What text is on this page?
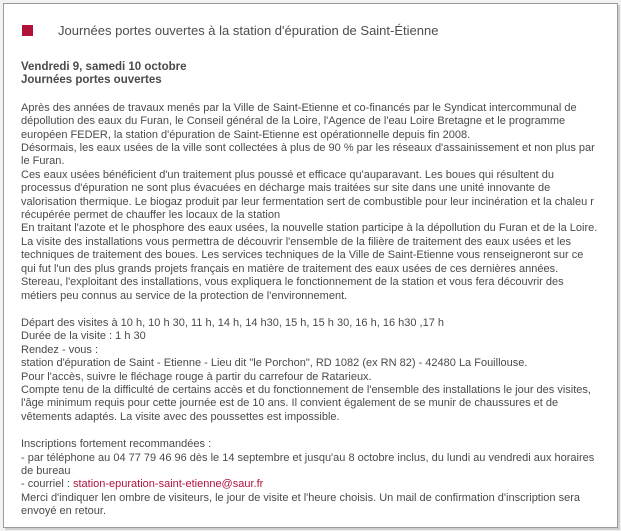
Journées portes ouvertes à la station d'épuration de Saint-Étienne
Vendredi 9, samedi 10 octobre
Journées portes ouvertes
Après des années de travaux menés par la Ville de Saint-Etienne et co-financés par le Syndicat intercommunal de
dépollution des eaux du Furan, le Conseil général de la Loire, l'Agence de l'eau Loire Bretagne et le programme
européen FEDER, la station d'épuration de Saint-Etienne est opérationnelle depuis fin 2008.
Désormais, les eaux usées de la ville sont collectées à plus de 90 % par les réseaux d'assainissement et non plus par
le Furan.
Ces eaux usées bénéficient d'un traitement plus poussé et efficace qu'auparavant. Les boues qui résultent du
processus d'épuration ne sont plus évacuées en décharge mais traitées sur site dans une unité innovante de
valorisation thermique. Le biogaz produit par leur fermentation sert de combustible pour leur incinération et la chaleu r
récupérée permet de chauffer les locaux de la station
En traitant l'azote et le phosphore des eaux usées, la nouvelle station participe à la dépollution du Furan et de la Loire.
La visite des installations vous permettra de découvrir l'ensemble de la filière de traitement des eaux usées et les
techniques de traitement des boues. Les services techniques de la Ville de Saint-Etienne vous renseigneront sur ce
qui fut l'un des plus grands projets français en matière de traitement des eaux usées de ces dernières années.
Stereau, l'exploitant des installations, vous expliquera le fonctionnement de la station et vous fera découvrir des
métiers peu connus au service de la protection de l'environnement.
Départ des visites à 10 h, 10 h 30, 11 h, 14 h, 14 h30, 15 h, 15 h 30, 16 h, 16 h30 ,17 h
Durée de la visite : 1 h 30
Rendez - vous :
station d'épuration de Saint - Etienne - Lieu dit "le Porchon", RD 1082 (ex RN 82) - 42480 La Fouillouse.
Pour l'accès, suivre le fléchage rouge à partir du carrefour de Ratarieux.
Compte tenu de la difficulté de certains accès et du fonctionnement de l'ensemble des installations le jour des visites,
l'âge minimum requis pour cette journée est de 10 ans. Il convient également de se munir de chaussures et de
vêtements adaptés. La visite avec des poussettes est impossible.
Inscriptions fortement recommandées :
- par téléphone au 04 77 79 46 96 dès le 14 septembre et jusqu'au 8 octobre inclus, du lundi au vendredi aux horaires
de bureau
- courriel : station-epuration-saint-etienne@saur.fr
Merci d'indiquer len ombre de visiteurs, le jour de visite et l'heure choisis. Un mail de confirmation d'inscription sera
envoyé en retour.
